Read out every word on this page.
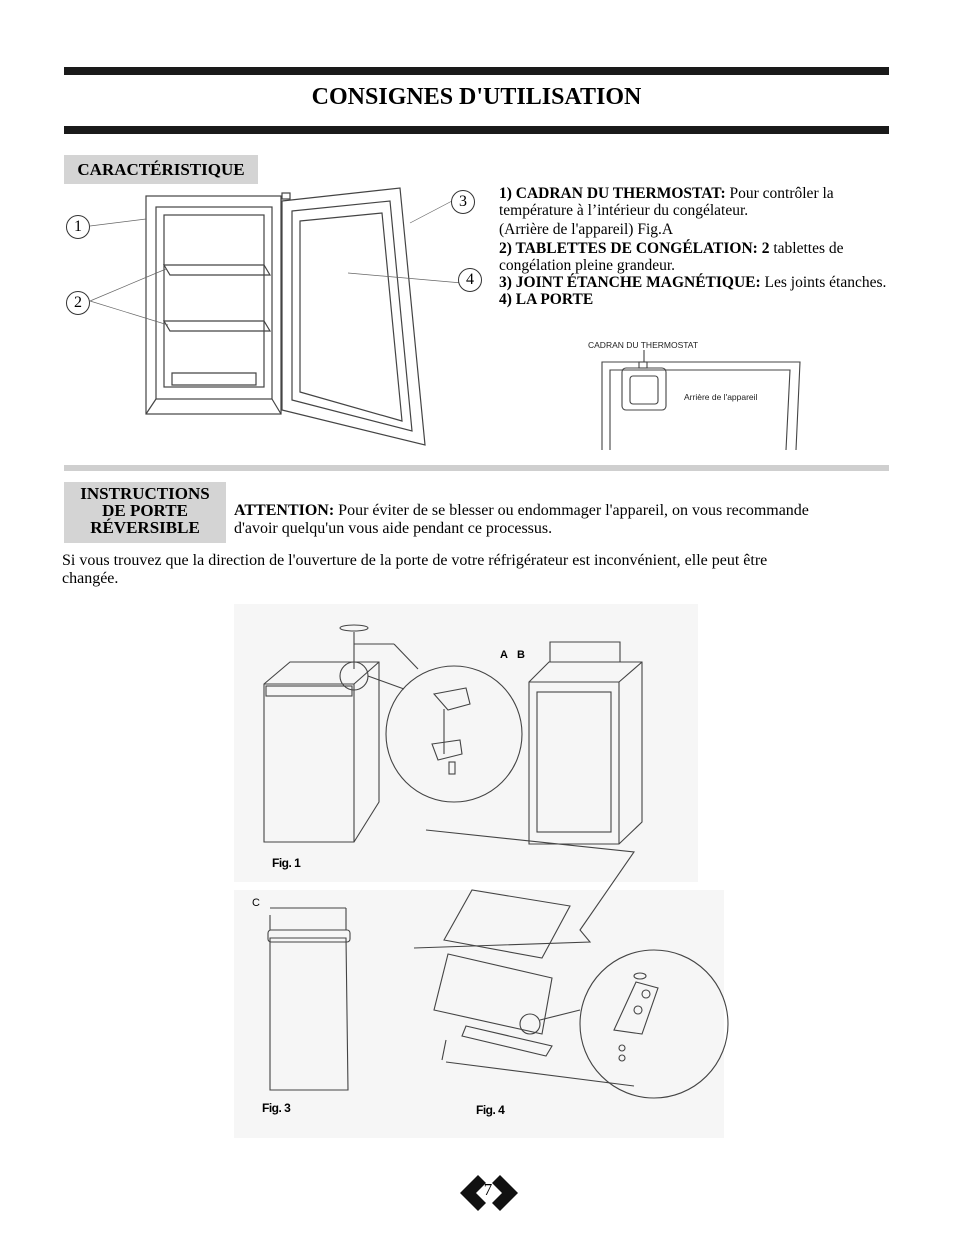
CONSIGNES D'UTILISATION
CARACTÉRISTIQUE
1
2
3
4

1) CADRAN DU THERMOSTAT: Pour contrôler la température à l’intérieur du congélateur.

(Arrière de l'appareil) Fig.A

2) TABLETTES DE CONGÉLATION: 2 tablettes de congélation pleine grandeur.

3) JOINT ÉTANCHE MAGNÉTIQUE: Les joints étanches.

4) LA PORTE

CADRAN DU THERMOSTAT
Arrière de l'appareil
INSTRUCTIONS
DE PORTE
RÉVERSIBLE
ATTENTION: Pour éviter de se blesser ou endommager l'appareil, on vous recommande d'avoir quelqu'un vous aide pendant ce processus.
Si vous trouvez que la direction de l'ouverture de la porte de votre réfrigérateur est inconvénient, elle peut être changée.
A B
Fig. 1
C
Fig. 3	Fig. 4
7
